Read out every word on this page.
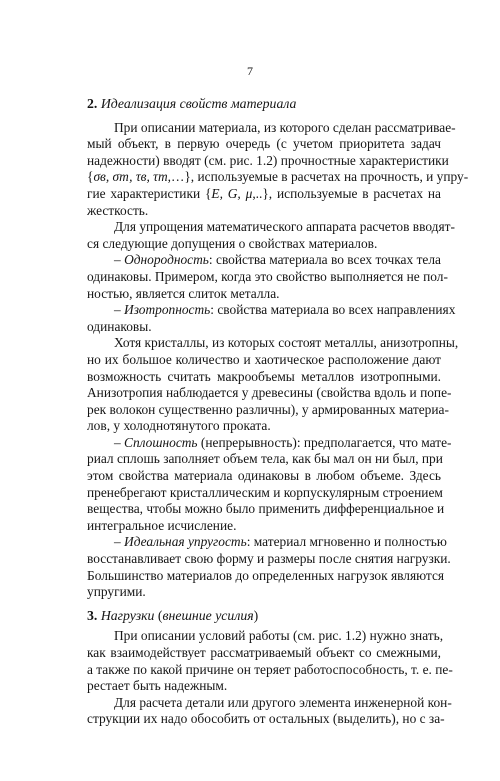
7
2. Идеализация свойств материала
При описании материала, из которого сделан рассматривае-
мый объект, в первую очередь (с учетом приоритета задач
надежности) вводят (см. рис. 1.2) прочностные характеристики
{σв, σт, τв, τт,…}, используемые в расчетах на прочность, и упру-
гие характеристики {E, G, μ,..}, используемые в расчетах на
жесткость.
Для упрощения математического аппарата расчетов вводят-
ся следующие допущения о свойствах материалов.
– Однородность: свойства материала во всех точках тела
одинаковы. Примером, когда это свойство выполняется не пол-
ностью, является слиток металла.
– Изотропность: свойства материала во всех направлениях
одинаковы.
Хотя кристаллы, из которых состоят металлы, анизотропны,
но их большое количество и хаотическое расположение дают
возможность считать макрообъемы металлов изотропными.
Анизотропия наблюдается у древесины (свойства вдоль и попе-
рек волокон существенно различны), у армированных материа-
лов, у холоднотянутого проката.
– Сплошность (непрерывность): предполагается, что мате-
риал сплошь заполняет объем тела, как бы мал он ни был, при
этом свойства материала одинаковы в любом объеме. Здесь
пренебрегают кристаллическим и корпускулярным строением
вещества, чтобы можно было применить дифференциальное и
интегральное исчисление.
– Идеальная упругость: материал мгновенно и полностью
восстанавливает свою форму и размеры после снятия нагрузки.
Большинство материалов до определенных нагрузок являются
упругими.
3. Нагрузки (внешние усилия)
При описании условий работы (см. рис. 1.2) нужно знать,
как взаимодействует рассматриваемый объект со смежными,
а также по какой причине он теряет работоспособность, т. е. пе-
рестает быть надежным.
Для расчета детали или другого элемента инженерной кон-
струкции их надо обособить от остальных (выделить), но с за-
